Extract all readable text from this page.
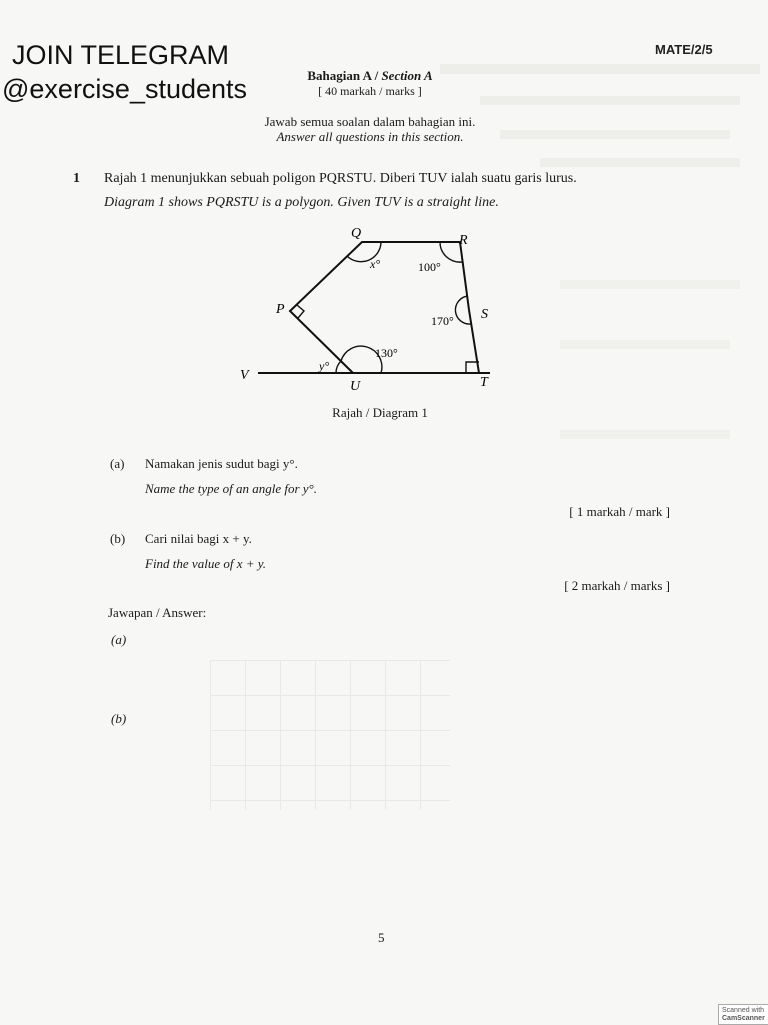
JOIN TELEGRAM
@exercise_students
MATE/2/5
Bahagian A / Section A
[ 40 markah / marks ]
Jawab semua soalan dalam bahagian ini.
Answer all questions in this section.
1 Rajah 1 menunjukkan sebuah poligon PQRSTU. Diberi TUV ialah suatu garis lurus.
Diagram 1 shows PQRSTU is a polygon. Given TUV is a straight line.
Q	R
P	S
V
U	T
x°	100°
170°
130°
y°
Rajah / Diagram 1
(a) Namakan jenis sudut bagi y°.
Name the type of an angle for y°.
[ 1 markah / mark ]
(b) Cari nilai bagi x + y.
Find the value of x + y.
[ 2 markah / marks ]
Jawapan / Answer:
(a)
(b)
5
Scanned with
CamScanner
